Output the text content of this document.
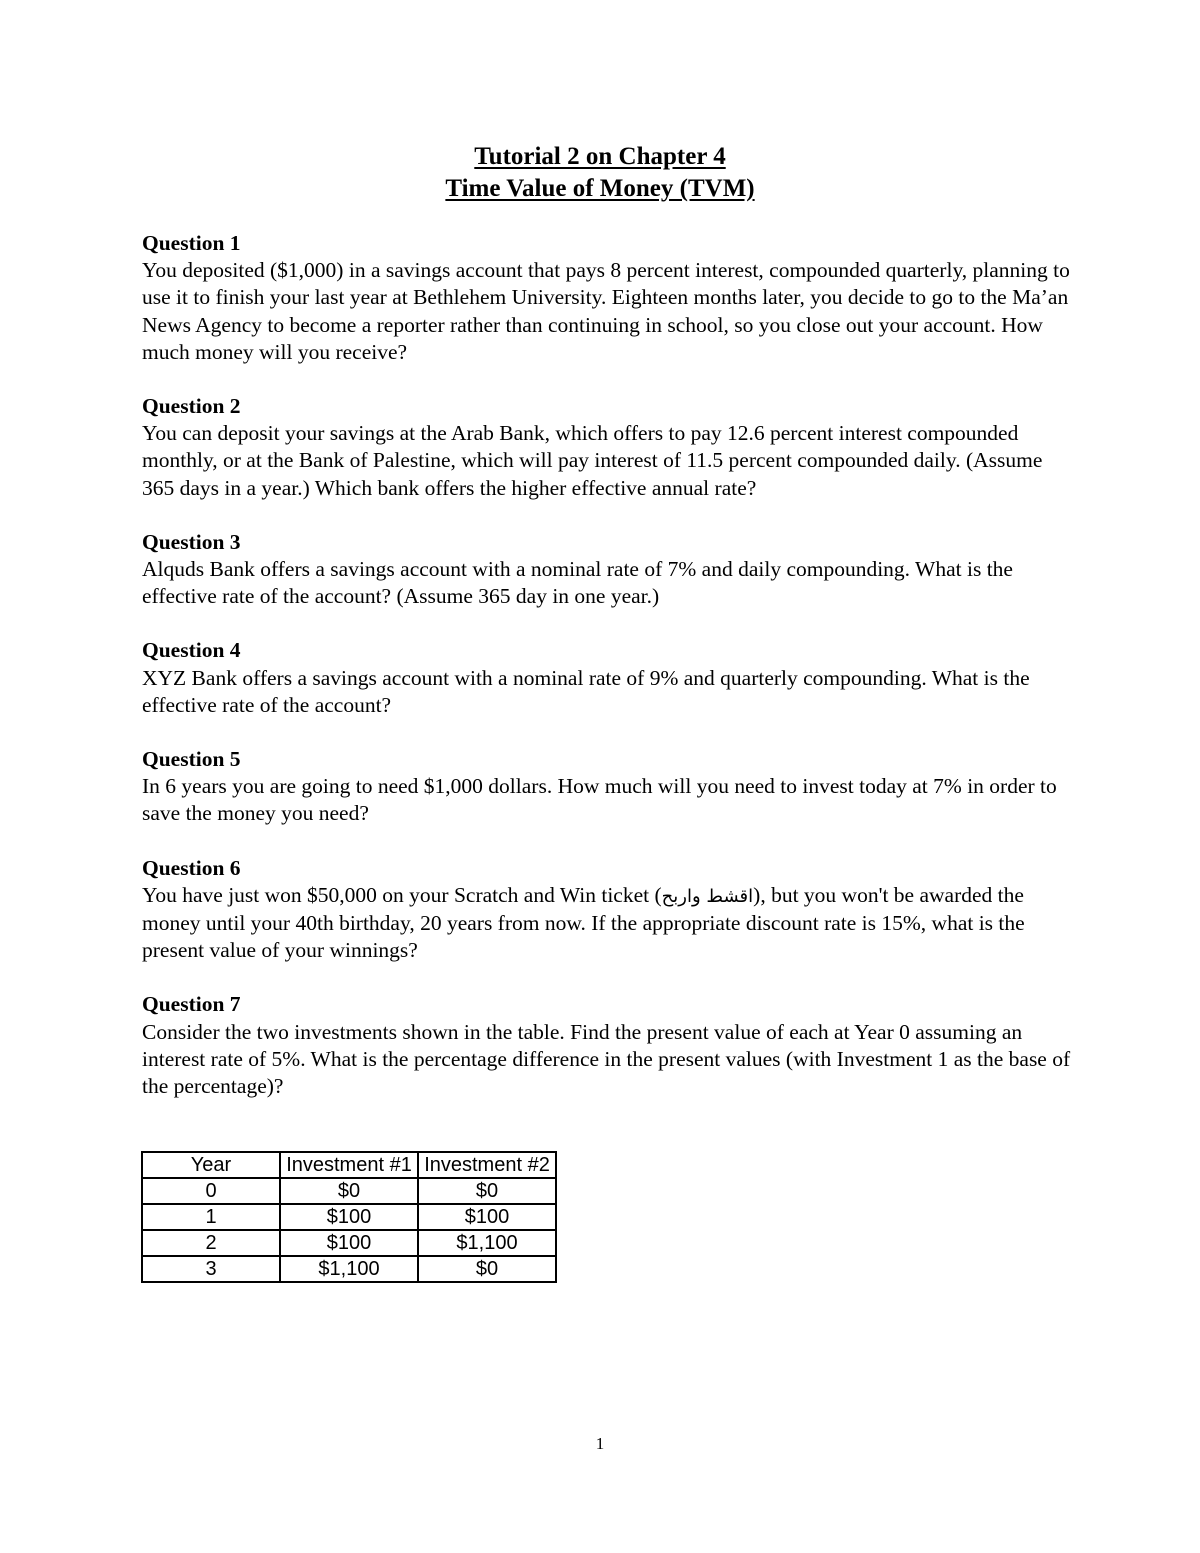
Tutorial 2 on Chapter 4
Time Value of Money (TVM)
Question 1
You deposited ($1,000) in a savings account that pays 8 percent interest, compounded quarterly, planning to use it to finish your last year at Bethlehem University. Eighteen months later, you decide to go to the Ma’an News Agency to become a reporter rather than continuing in school, so you close out your account. How much money will you receive?
Question 2
You can deposit your savings at the Arab Bank, which offers to pay 12.6 percent interest compounded monthly, or at the Bank of Palestine, which will pay interest of 11.5 percent compounded daily. (Assume 365 days in a year.) Which bank offers the higher effective annual rate?
Question 3
Alquds Bank offers a savings account with a nominal rate of 7% and daily compounding. What is the effective rate of the account? (Assume 365 day in one year.)
Question 4
XYZ Bank offers a savings account with a nominal rate of 9% and quarterly compounding. What is the effective rate of the account?
Question 5
In 6 years you are going to need $1,000 dollars. How much will you need to invest today at 7% in order to save the money you need?
Question 6
You have just won $50,000 on your Scratch and Win ticket (اقشط واربح), but you won't be awarded the money until your 40th birthday, 20 years from now. If the appropriate discount rate is 15%, what is the present value of your winnings?
Question 7
Consider the two investments shown in the table. Find the present value of each at Year 0 assuming an interest rate of 5%. What is the percentage difference in the present values (with Investment 1 as the base of the percentage)?
Year	Investment #1	Investment #2
0	$0	$0
1	$100	$100
2	$100	$1,100
3	$1,100	$0
1
